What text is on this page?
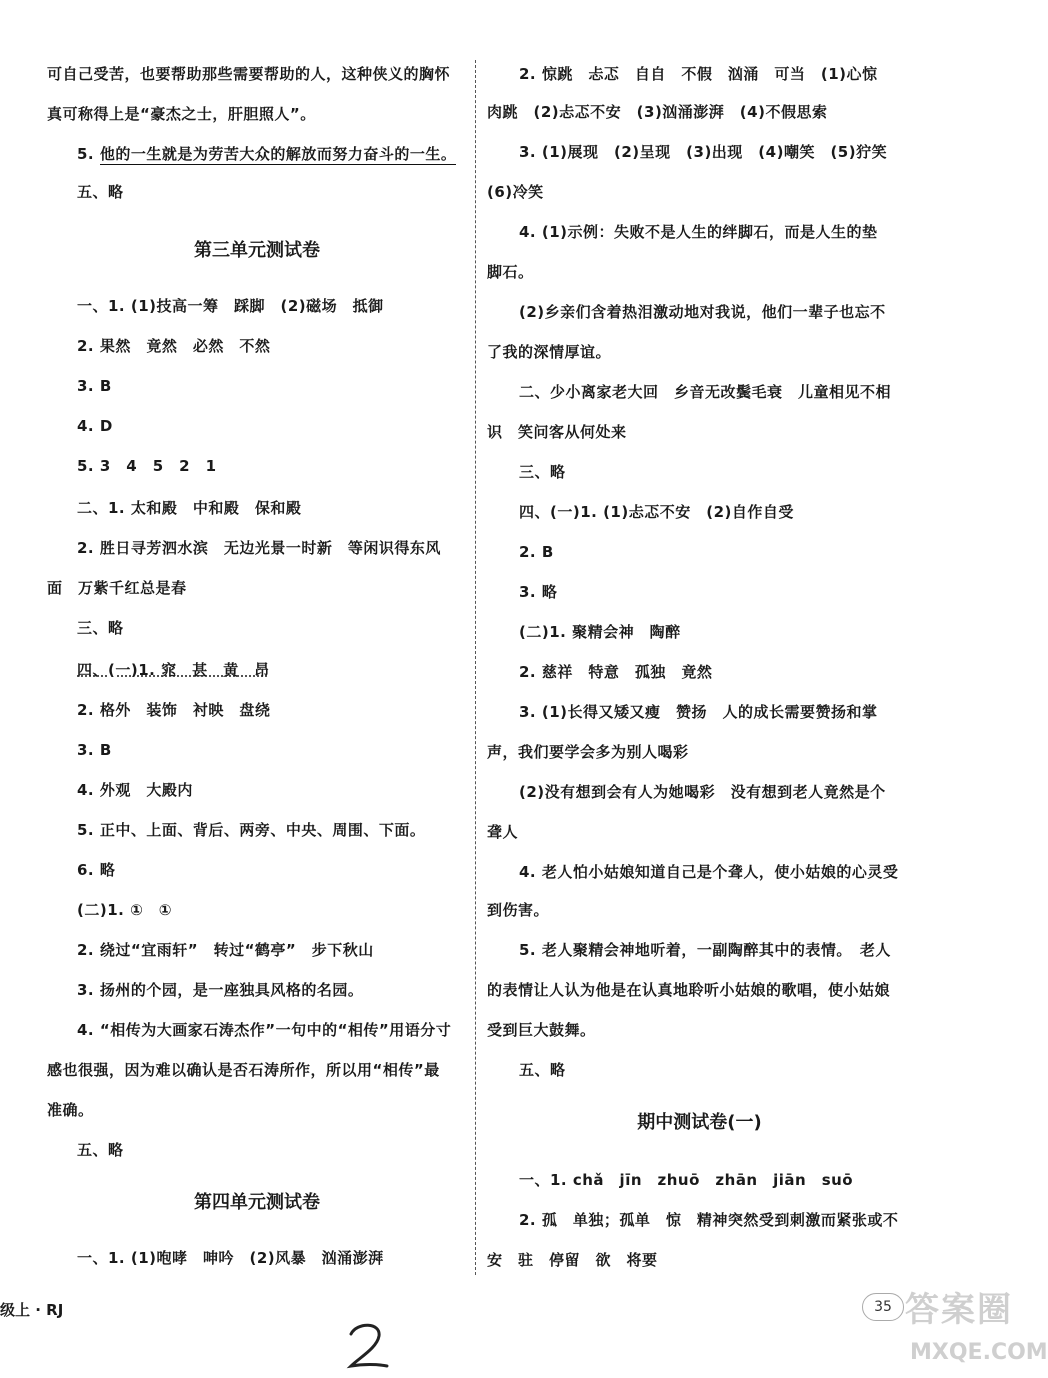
可自己受苦，也要帮助那些需要帮助的人，这种侠义的胸怀
真可称得上是“豪杰之士，肝胆照人”。
5. 他的一生就是为劳苦大众的解放而努力奋斗的一生。
五、略
第三单元测试卷
一、1. (1)技高一筹　踩脚　(2)磁场　抵御
2. 果然　竟然　必然　不然
3. B
4. D
5. 3　4　5　2　1
二、1. 太和殿　中和殿　保和殿
2. 胜日寻芳泗水滨　无边光景一时新　等闲识得东风
面　万紫千红总是春
三、略
四、(一)1. 窕　甚　黄　昂
2. 格外　装饰　衬映　盘绕
3. B
4. 外观　大殿内
5. 正中、上面、背后、两旁、中央、周围、下面。
6. 略
(二)1. ①　①
2. 绕过“宜雨轩”　转过“鹤亭”　步下秋山
3. 扬州的个园，是一座独具风格的名园。
4. “相传为大画家石涛杰作”一句中的“相传”用语分寸
感也很强，因为难以确认是否石涛所作，所以用“相传”最
准确。
五、略
第四单元测试卷
一、1. (1)咆哮　呻吟　(2)风暴　汹涌澎湃
2. 惊跳　忐忑　自自　不假　汹涌　可当　(1)心惊
肉跳　(2)忐忑不安　(3)汹涌澎湃　(4)不假思索
3. (1)展现　(2)呈现　(3)出现　(4)嘲笑　(5)狞笑
(6)冷笑
4. (1)示例：失败不是人生的绊脚石，而是人生的垫
脚石。
(2)乡亲们含着热泪激动地对我说，他们一辈子也忘不
了我的深情厚谊。
二、少小离家老大回　乡音无改鬓毛衰　儿童相见不相
识　笑问客从何处来
三、略
四、(一)1. (1)忐忑不安　(2)自作自受
2. B
3. 略
(二)1. 聚精会神　陶醉
2. 慈祥　特意　孤独　竟然
3. (1)长得又矮又瘦　赞扬　人的成长需要赞扬和掌
声，我们要学会多为别人喝彩
(2)没有想到会有人为她喝彩　没有想到老人竟然是个
聋人
4. 老人怕小姑娘知道自己是个聋人，使小姑娘的心灵受
到伤害。
5. 老人聚精会神地听着，一副陶醉其中的表情。　老人
的表情让人认为他是在认真地聆听小姑娘的歌唱，使小姑娘
受到巨大鼓舞。
五、略
期中测试卷(一)
一、1. chǎ　jīn　zhuō　zhān　jiān　suō
2. 孤　单独；孤单　惊　精神突然受到刺激而紧张或不
安　驻　停留　欲　将要
级上 · RJ	35 答案圈
MXQE.COM
